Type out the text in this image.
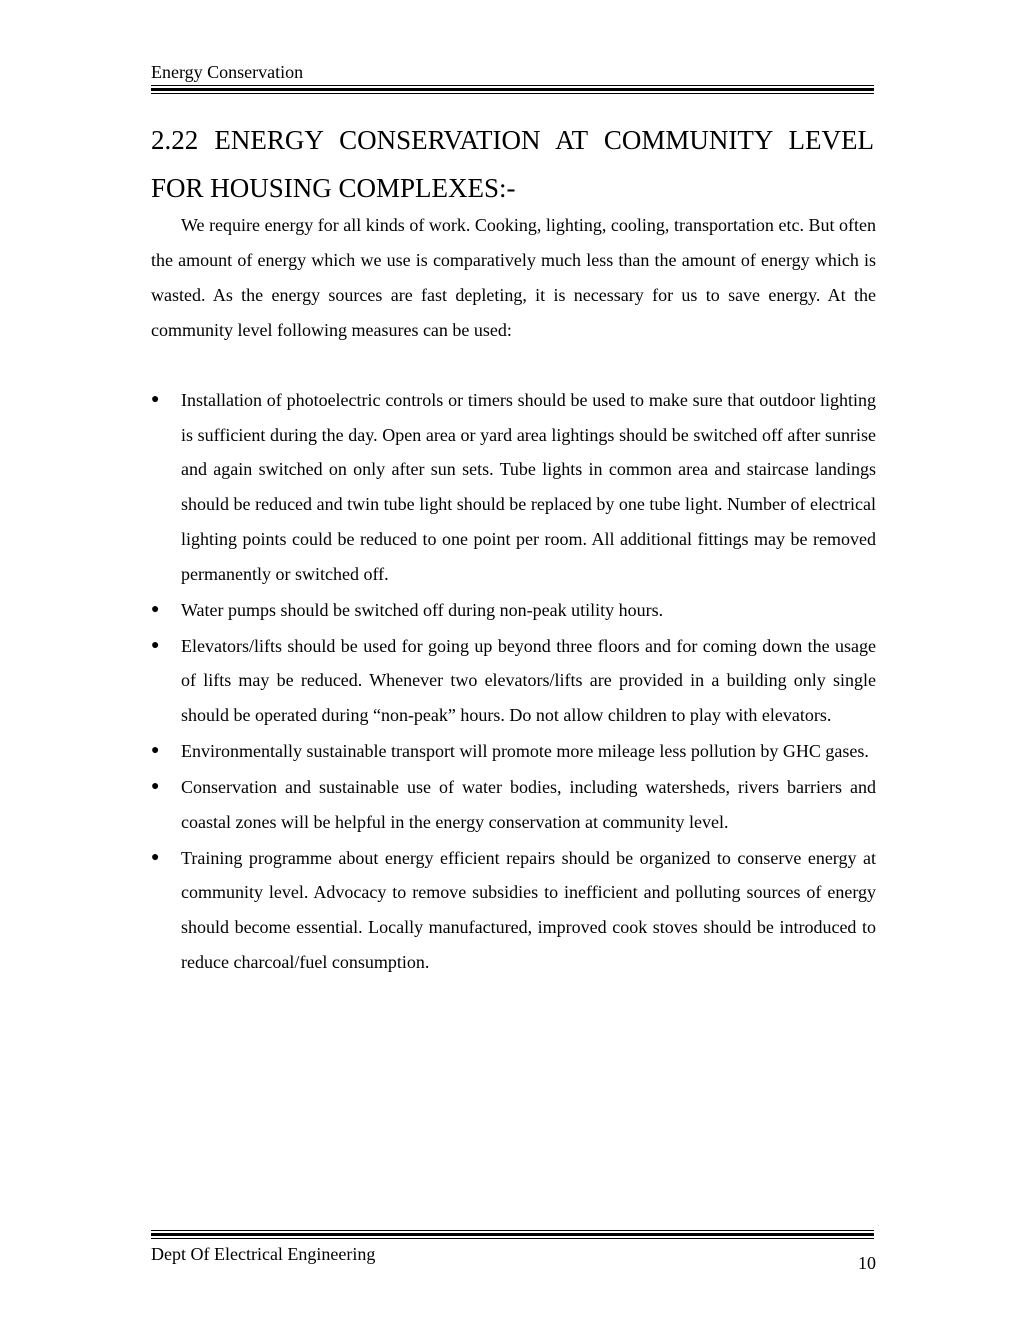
Energy Conservation
2.22 ENERGY CONSERVATION AT COMMUNITY LEVEL
FOR HOUSING COMPLEXES:-

We require energy for all kinds of work. Cooking, lighting, cooling, transportation etc. But often the amount of energy which we use is comparatively much less than the amount of energy which is wasted. As the energy sources are fast depleting, it is necessary for us to save energy. At the community level following measures can be used:

●	Installation of photoelectric controls or timers should be used to make sure that outdoor lighting is sufficient during the day. Open area or yard area lightings should be switched off after sunrise and again switched on only after sun sets. Tube lights in common area and staircase landings should be reduced and twin tube light should be replaced by one tube light. Number of electrical lighting points could be reduced to one point per room. All additional fittings may be removed permanently or switched off.
●	Water pumps should be switched off during non-peak utility hours.
●	Elevators/lifts should be used for going up beyond three floors and for coming down the usage of lifts may be reduced. Whenever two elevators/lifts are provided in a building only single should be operated during “non-peak” hours. Do not allow children to play with elevators.
●	Environmentally sustainable transport will promote more mileage less pollution by GHC gases.
●	Conservation and sustainable use of water bodies, including watersheds, rivers barriers and coastal zones will be helpful in the energy conservation at community level.
●	Training programme about energy efficient repairs should be organized to conserve energy at community level. Advocacy to remove subsidies to inefficient and polluting sources of energy should become essential. Locally manufactured, improved cook stoves should be introduced to reduce charcoal/fuel consumption.
Dept Of Electrical Engineering	10
